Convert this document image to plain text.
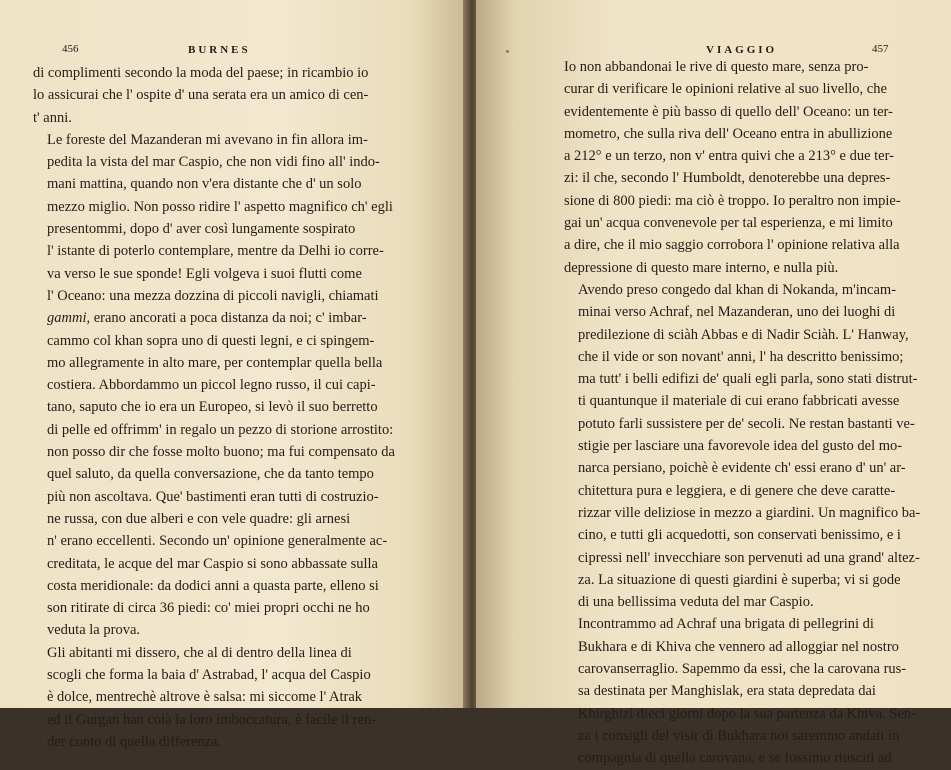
456	BURNES

di complimenti secondo la moda del paese; in ricambio io
lo assicurai che l' ospite d' una serata era un amico di cen-
t' anni.

Le foreste del Mazanderan mi avevano in fin allora im-
pedita la vista del mar Caspio, che non vidi fino all' indo-
mani mattina, quando non v'era distante che d' un solo
mezzo miglio. Non posso ridire l' aspetto magnifico ch' egli
presentommi, dopo d' aver così lungamente sospirato
l' istante di poterlo contemplare, mentre da Delhi io corre-
va verso le sue sponde! Egli volgeva i suoi flutti come
l' Oceano: una mezza dozzina di piccoli navigli, chiamati
gammi, erano ancorati a poca distanza da noi; c' imbar-
cammo col khan sopra uno di questi legni, e ci spingem-
mo allegramente in alto mare, per contemplar quella bella
costiera. Abbordammo un piccol legno russo, il cui capi-
tano, saputo che io era un Europeo, si levò il suo berretto
di pelle ed offrimm' in regalo un pezzo di storione arrostito:
non posso dir che fosse molto buono; ma fui compensato da
quel saluto, da quella conversazione, che da tanto tempo
più non ascoltava. Que' bastimenti eran tutti di costruzio-
ne russa, con due alberi e con vele quadre: gli arnesi
n' erano eccellenti. Secondo un' opinione generalmente ac-
creditata, le acque del mar Caspio si sono abbassate sulla
costa meridionale: da dodici anni a quasta parte, elleno si
son ritirate di circa 36 piedi: co' miei propri occhi ne ho
veduta la prova.

Gli abitanti mi dissero, che al di dentro della linea di
scogli che forma la baia d' Astrabad, l' acqua del Caspio
è dolce, mentrechè altrove è salsa: mi siccome l' Atrak
ed il Gurgan han colà la loro imboccatura, è facile il ren-
der conto di quella differenza.

457
VIAGGIO

Io non abbandonai le rive di questo mare, senza pro-
curar di verificare le opinioni relative al suo livello, che
evidentemente è più basso di quello dell' Oceano: un ter-
mometro, che sulla riva dell' Oceano entra in abullizione
a 212° e un terzo, non v' entra quivi che a 213° e due ter-
zi: il che, secondo l' Humboldt, denoterebbe una depres-
sione di 800 piedi: ma ciò è troppo. Io peraltro non impie-
gai un' acqua convenevole per tal esperienza, e mi limito
a dire, che il mio saggio corrobora l' opinione relativa alla
depressione di questo mare interno, e nulla più.

Avendo preso congedo dal khan di Nokanda, m'incam-
minai verso Achraf, nel Mazanderan, uno dei luoghi di
predilezione di sciàh Abbas e di Nadir Sciàh. L' Hanway,
che il vide or son novant' anni, l' ha descritto benissimo;
ma tutt' i belli edifizi de' quali egli parla, sono stati distrut-
ti quantunque il materiale di cui erano fabbricati avesse
potuto farli sussistere per de' secoli. Ne restan bastanti ve-
stigie per lasciare una favorevole idea del gusto del mo-
narca persiano, poichè è evidente ch' essi erano d' un' ar-
chitettura pura e leggiera, e di genere che deve caratte-
rizzar ville deliziose in mezzo a giardini. Un magnifico ba-
cino, e tutti gli acquedotti, son conservati benissimo, e i
cipressi nell' invecchiare son pervenuti ad una grand' altez-
za. La situazione di questi giardini è superba; vi si gode
di una bellissima veduta del mar Caspio.

Incontrammo ad Achraf una brigata di pellegrini di
Bukhara e di Khiva che vennero ad alloggiar nel nostro
carovanserraglio. Sapemmo da essi, che la carovana rus-
sa destinata per Manghislak, era stata depredata dai
Khirghizi dieci giorni dopo la sua partenza da Khiva. Sen-
za i consigli del visir di Bukhara noi saremmo andati in
compagnia di quella carovana, e se fossimo riusciti ad
